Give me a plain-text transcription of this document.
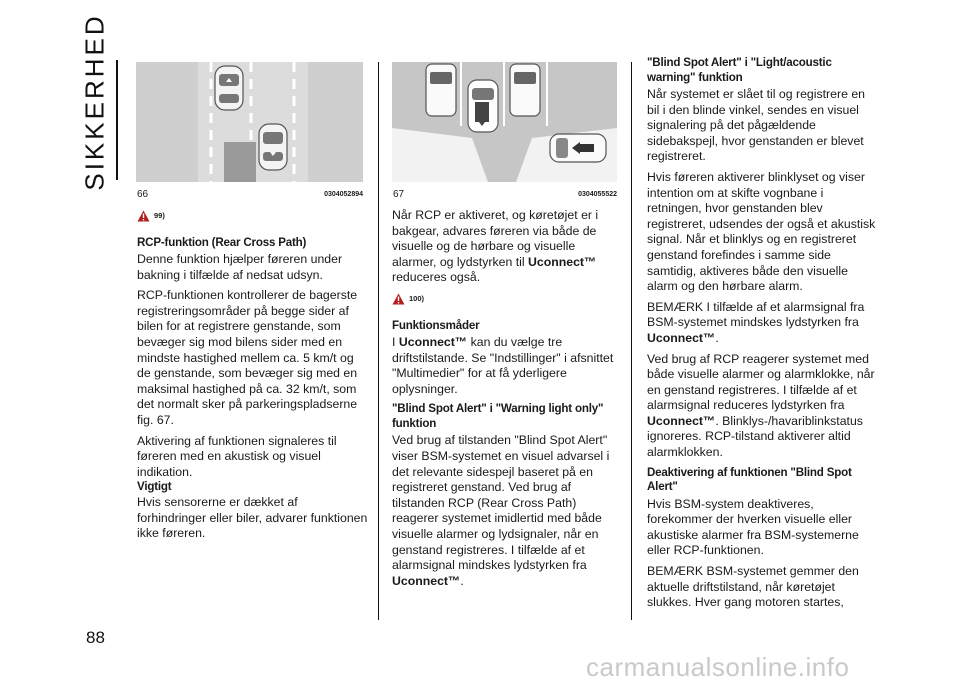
SIKKERHED
88
66	0304052894	67	0304055522
99)

RCP-funktion (Rear Cross Path)

Denne funktion hjælper føreren under bakning i tilfælde af nedsat udsyn.

RCP-funktionen kontrollerer de bagerste registreringsområder på begge sider af bilen for at registrere genstande, som bevæger sig mod bilens sider med en mindste hastighed mellem ca. 5 km/t og de genstande, som bevæger sig med en maksimal hastighed på ca. 32 km/t, som det normalt sker på parkeringspladserne fig. 67.

Aktivering af funktionen signaleres til føreren med en akustisk og visuel indikation.

Vigtigt

Hvis sensorerne er dækket af forhindringer eller biler, advarer funktionen ikke føreren.

Når RCP er aktiveret, og køretøjet er i bakgear, advares føreren via både de visuelle og de hørbare og visuelle alarmer, og lydstyrken til Uconnect™ reduceres også.

100)

Funktionsmåder

I Uconnect™ kan du vælge tre driftstilstande. Se "Indstillinger" i afsnittet "Multimedier" for at få yderligere oplysninger.

"Blind Spot Alert" i "Warning light only" funktion

Ved brug af tilstanden "Blind Spot Alert" viser BSM-systemet en visuel advarsel i det relevante sidespejl baseret på en registreret genstand. Ved brug af tilstanden RCP (Rear Cross Path) reagerer systemet imidlertid med både visuelle alarmer og lydsignaler, når en genstand registreres. I tilfælde af et alarmsignal mindskes lydstyrken fra Uconnect™.

"Blind Spot Alert" i "Light/acoustic warning" funktion

Når systemet er slået til og registrere en bil i den blinde vinkel, sendes en visuel signalering på det pågældende sidebakspejl, hvor genstanden er blevet registreret.

Hvis føreren aktiverer blinklyset og viser intention om at skifte vognbane i retningen, hvor genstanden blev registreret, udsendes der også et akustisk signal. Når et blinklys og en registreret genstand forefindes i samme side samtidig, aktiveres både den visuelle alarm og den hørbare alarm.

BEMÆRK I tilfælde af et alarmsignal fra BSM-systemet mindskes lydstyrken fra Uconnect™.

Ved brug af RCP reagerer systemet med både visuelle alarmer og alarmklokke, når en genstand registreres. I tilfælde af et alarmsignal reduceres lydstyrken fra Uconnect™. Blinklys-/havariblinkstatus ignoreres. RCP-tilstand aktiverer altid alarmklokken.

Deaktivering af funktionen "Blind Spot Alert"

Hvis BSM-system deaktiveres, forekommer der hverken visuelle eller akustiske alarmer fra BSM-systemerne eller RCP-funktionen.

BEMÆRK BSM-systemet gemmer den aktuelle driftstilstand, når køretøjet slukkes. Hver gang motoren startes,

carmanualsonline.info
